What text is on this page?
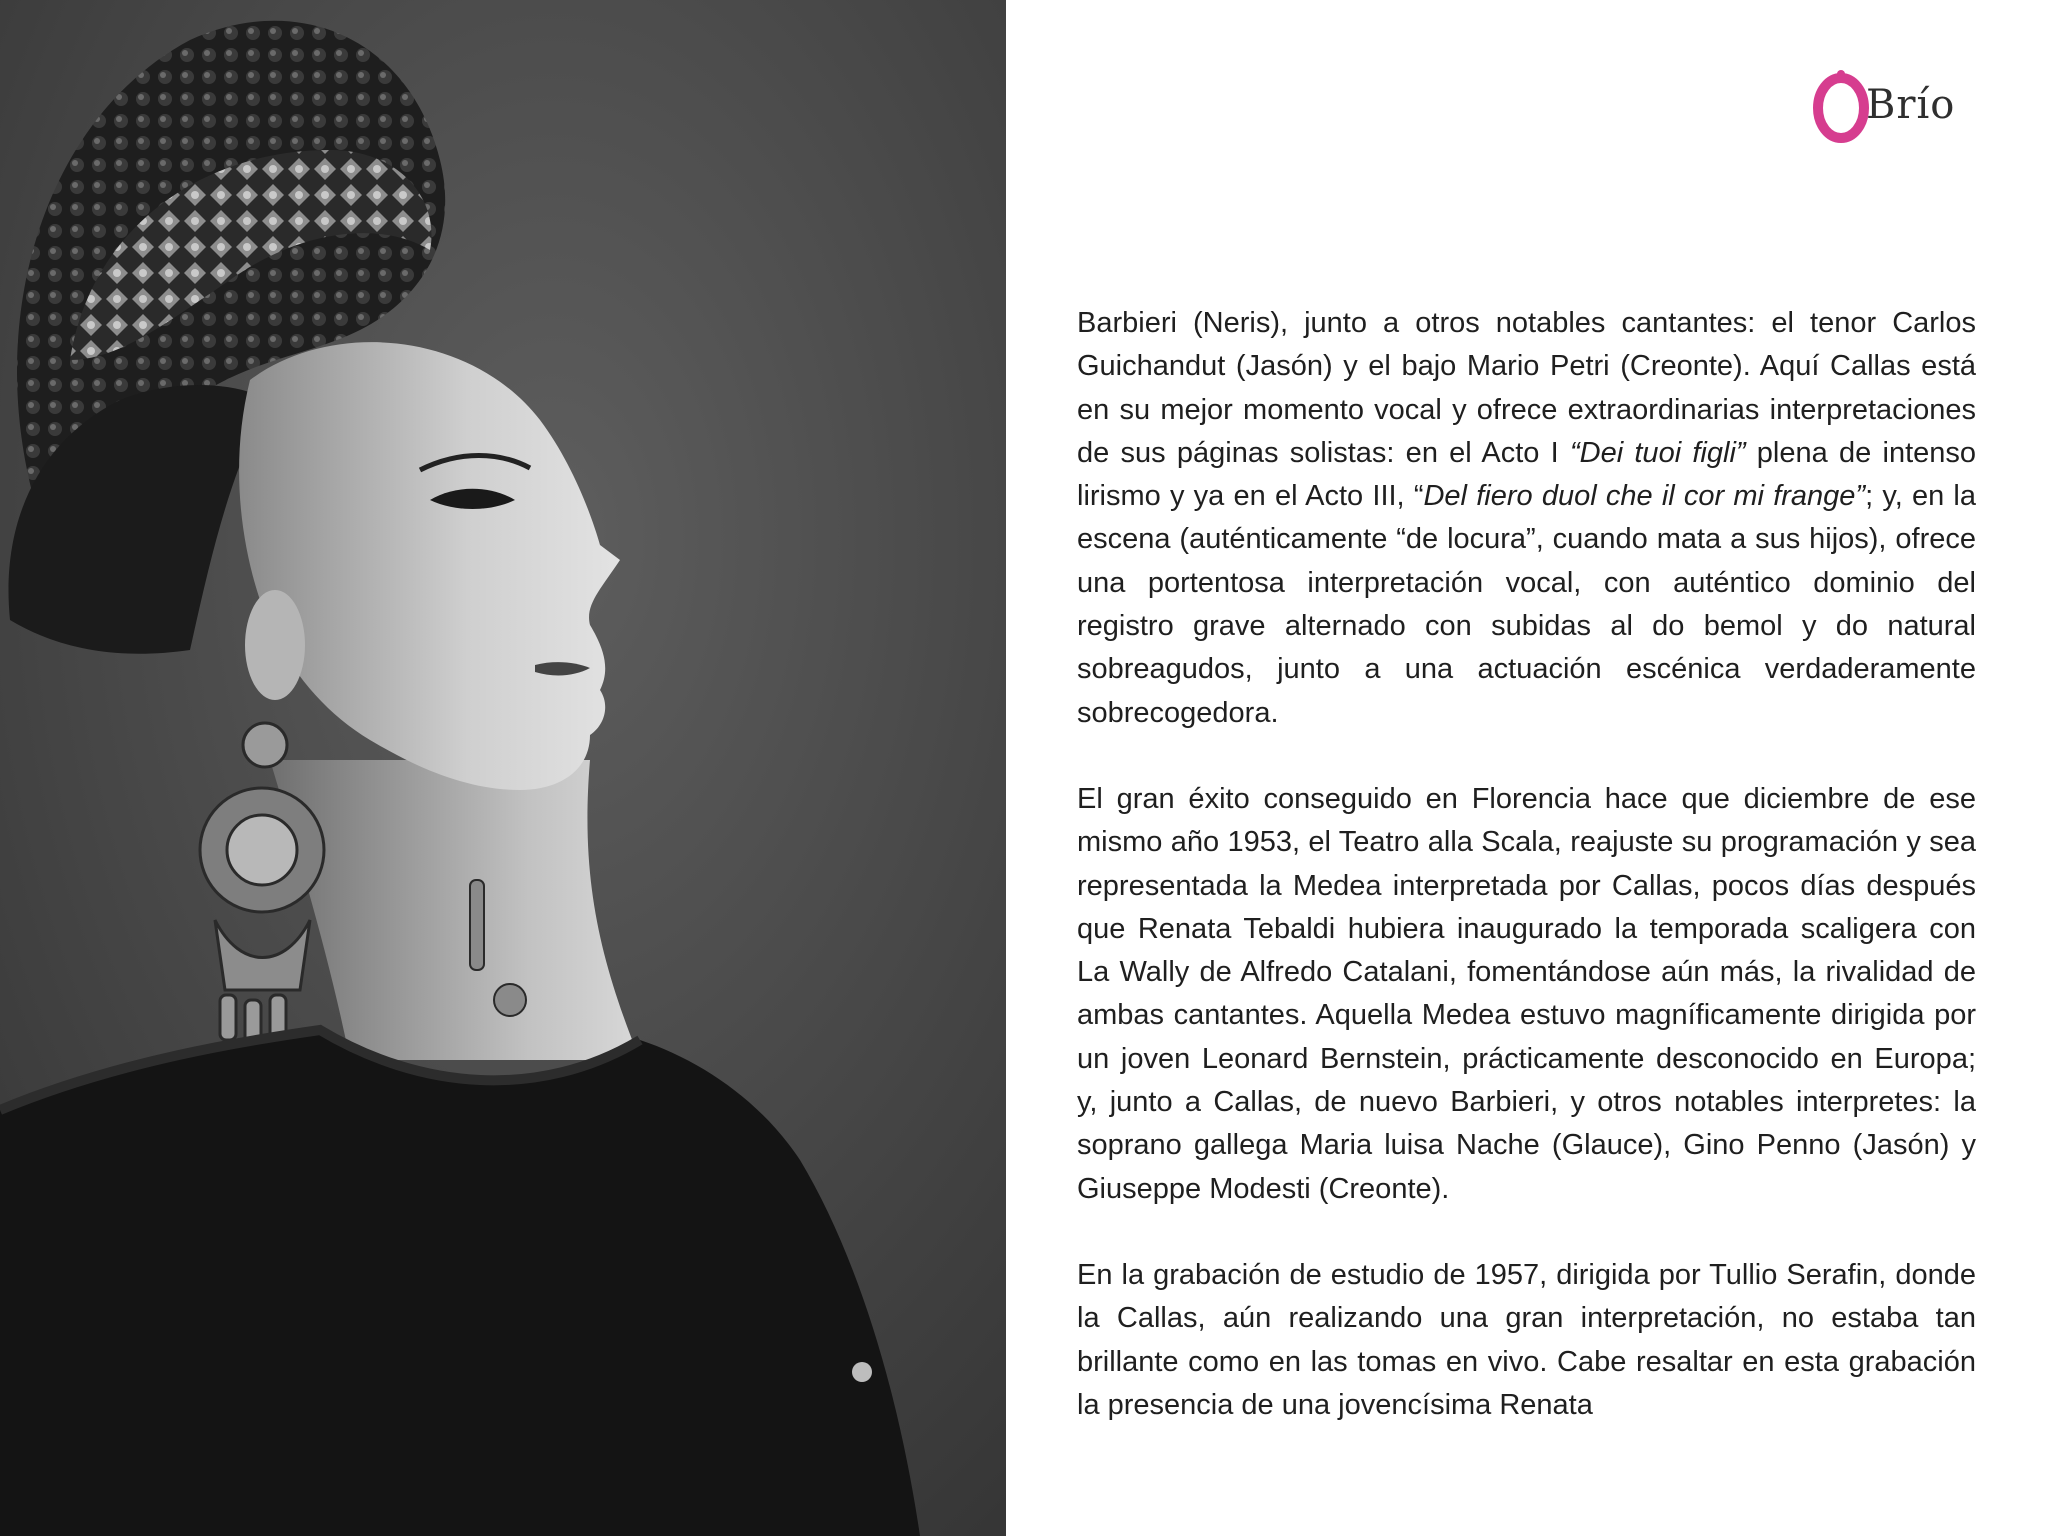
Brío

Barbieri (Neris), junto a otros notables cantantes: el tenor Carlos Guichandut (Jasón) y el bajo Mario Petri (Creonte). Aquí Callas está en su mejor momento vocal y ofrece extraordinarias interpretaciones de sus páginas solistas: en el Acto I “Dei tuoi figli” plena de intenso lirismo y ya en el Acto III, “Del fiero duol che il cor mi frange”; y, en la escena (auténticamente “de locura”, cuando mata a sus hijos), ofrece una portentosa interpretación vocal, con auténtico dominio del registro grave alternado con subidas al do bemol y do natural sobreagudos, junto a una actuación escénica verdaderamente sobrecogedora.

El gran éxito conseguido en Florencia hace que diciembre de ese mismo año 1953, el Teatro alla Scala, reajuste su programación y sea representada la Medea interpretada por Callas, pocos días después que Renata Tebaldi hubiera inaugurado la temporada scaligera con La Wally de Alfredo Catalani, fomentándose aún más, la rivalidad de ambas cantantes. Aquella Medea estuvo magníficamente dirigida por un joven Leonard Bernstein, prácticamente desconocido en Europa; y, junto a Callas, de nuevo Barbieri, y otros notables interpretes: la soprano gallega Maria luisa Nache (Glauce), Gino Penno (Jasón) y Giuseppe Modesti (Creonte).

En la grabación de estudio de 1957, dirigida por Tullio Serafin, donde la Callas, aún realizando una gran interpretación, no estaba tan brillante como en las tomas en vivo. Cabe resaltar en esta grabación la presencia de una jovencísima Renata
